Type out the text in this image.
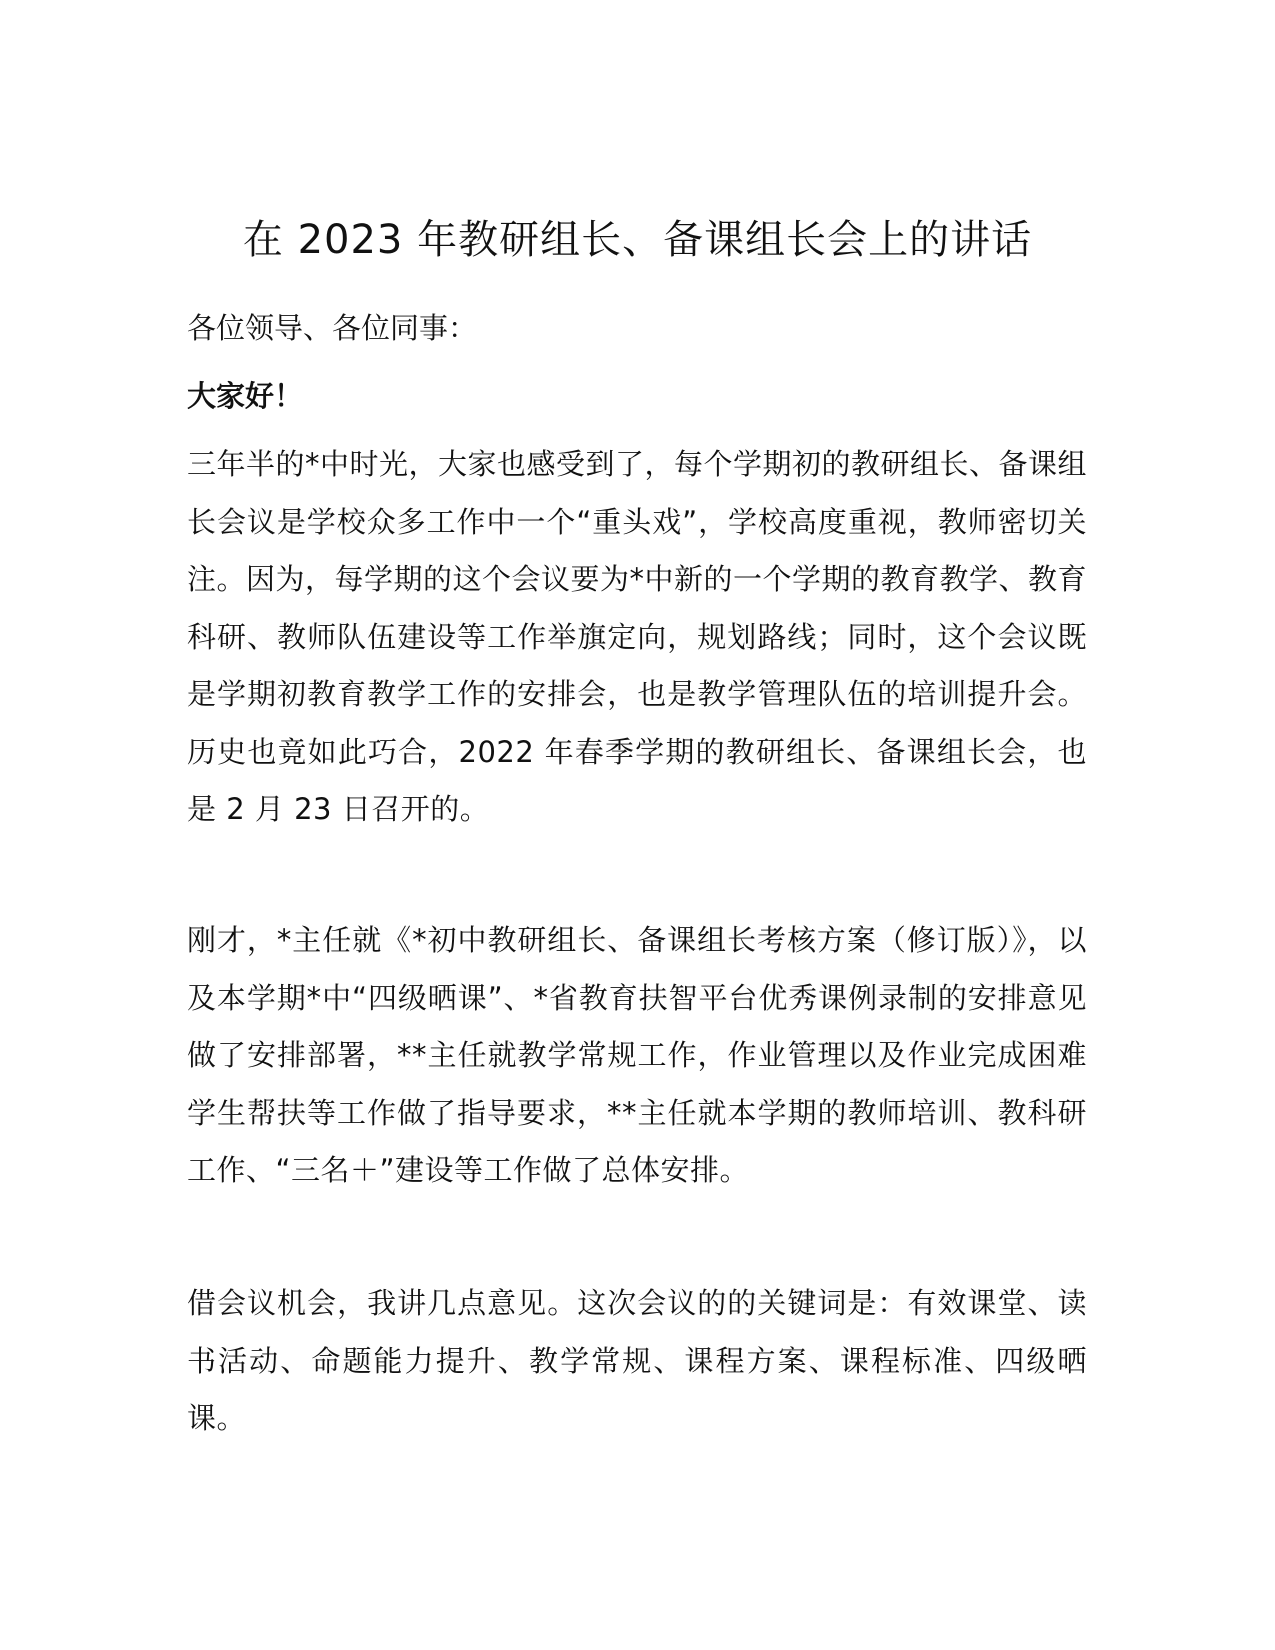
在 2023 年教研组长、备课组长会上的讲话

各位领导、各位同事：

大家好！

三年半的*中时光，大家也感受到了，每个学期初的教研组长、备课组长会议是学校众多工作中一个“重头戏”，学校高度重视，教师密切关注。因为，每学期的这个会议要为*中新的一个学期的教育教学、教育科研、教师队伍建设等工作举旗定向，规划路线；同时，这个会议既是学期初教育教学工作的安排会，也是教学管理队伍的培训提升会。历史也竟如此巧合，2022 年春季学期的教研组长、备课组长会，也是 2 月 23 日召开的。

刚才，*主任就《*初中教研组长、备课组长考核方案（修订版）》，以及本学期*中“四级晒课”、*省教育扶智平台优秀课例录制的安排意见做了安排部署，**主任就教学常规工作，作业管理以及作业完成困难学生帮扶等工作做了指导要求，**主任就本学期的教师培训、教科研工作、“三名＋”建设等工作做了总体安排。

借会议机会，我讲几点意见。这次会议的的关键词是：有效课堂、读书活动、命题能力提升、教学常规、课程方案、课程标准、四级晒课。
